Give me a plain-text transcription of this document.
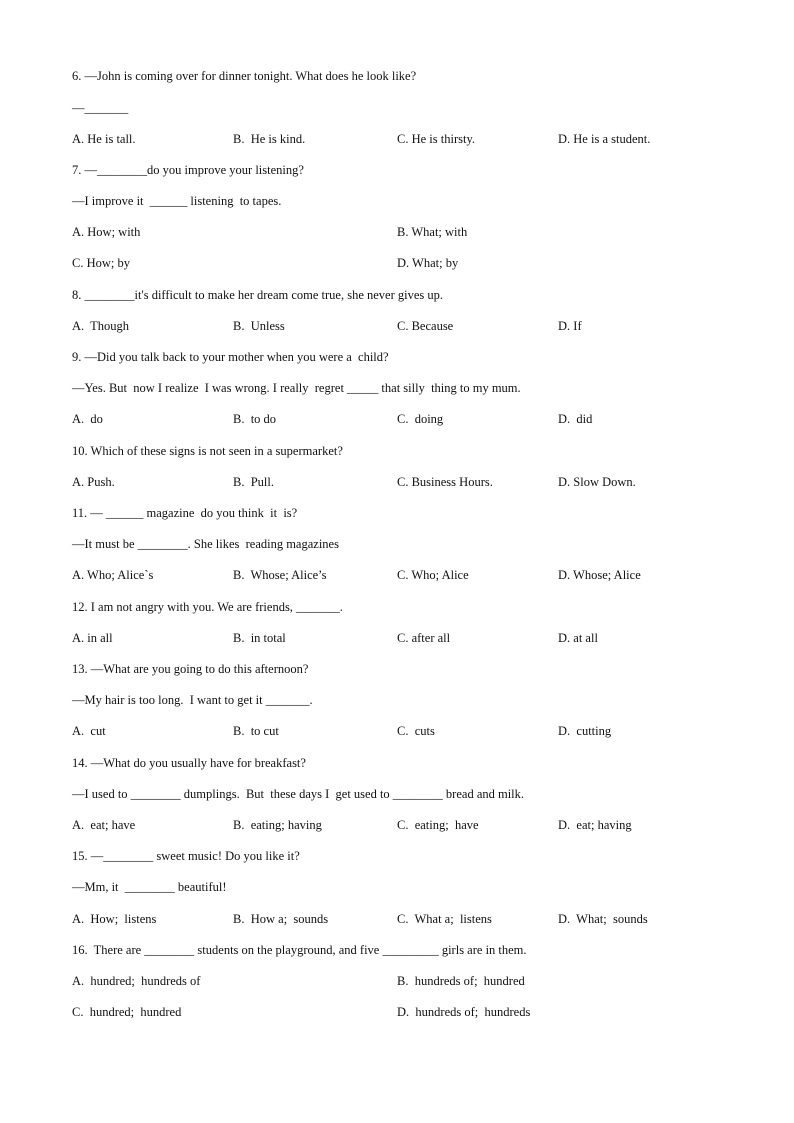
6. —John is coming over for dinner tonight. What does he look like?
—_______
A. He is tall.	B.  He is kind.	C. He is thirsty.	D. He is a student.
7. —________do you improve your listening?
—I improve it  ______ listening  to tapes.
A. How; with	B. What; with
C. How; by	D. What; by
8. ________it's difficult to make her dream come true, she never gives up.
A.  Though	B.  Unless	C. Because	D. If
9. —Did you talk back to your mother when you were a  child?
—Yes. But  now I realize  I was wrong. I really  regret _____ that silly  thing to my mum.
A.  do	B.  to do	C.  doing	D.  did
10. Which of these signs is not seen in a supermarket?
A. Push.	B.  Pull.	C. Business Hours.	D. Slow Down.
11. — ______ magazine  do you think  it  is?
—It must be ________. She likes  reading magazines
A. Who; Alice`s	B.  Whose; Alice’s	C. Who; Alice	D. Whose; Alice
12. I am not angry with you. We are friends, _______.
A. in all	B.  in total	C. after all	D. at all
13. —What are you going to do this afternoon?
—My hair is too long.  I want to get it _______.
A.  cut	B.  to cut	C.  cuts	D.  cutting
14. —What do you usually have for breakfast?
—I used to ________ dumplings.  But  these days I  get used to ________ bread and milk.
A.  eat; have	B.  eating; having	C.  eating;  have	D.  eat; having
15. —________ sweet music! Do you like it?
—Mm, it  ________ beautiful!
A.  How;  listens	B.  How a;  sounds	C.  What a;  listens	D.  What;  sounds
16.  There are ________ students on the playground, and five _________ girls are in them.
A.  hundred;  hundreds of	B.  hundreds of;  hundred
C.  hundred;  hundred	D.  hundreds of;  hundreds
